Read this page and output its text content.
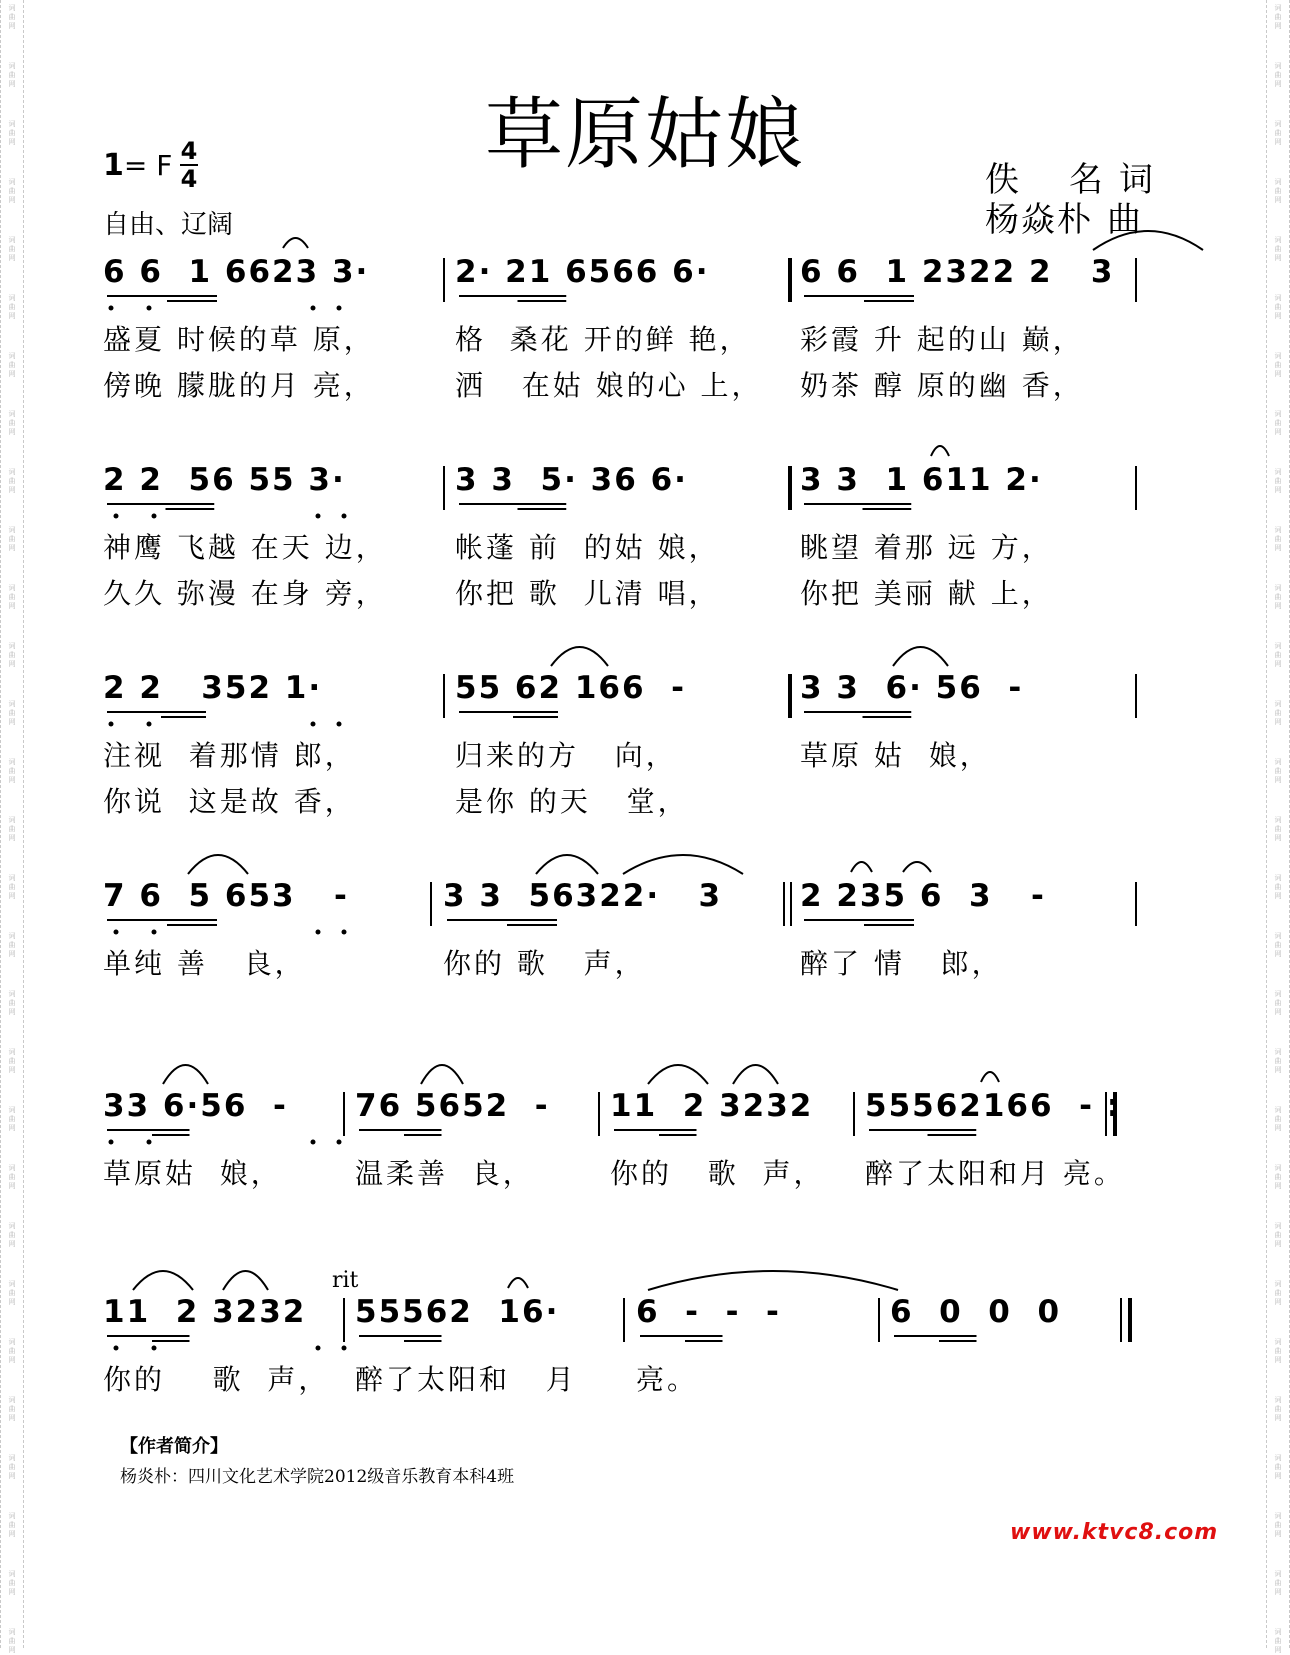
词
曲
网
词
曲
网
词
曲
网
词
曲
网
词
曲
网
词
曲
网
词
曲
网
词
曲
网
词
曲
网
词
曲
网
词
曲
网
词
曲
网
词
曲
网
词
曲
网
词
曲
网
词
曲
网
词
曲
网
词
曲
网
词
曲
网
词
曲
网
词
曲
网
词
曲
网
词
曲
网
词
曲
网
词
曲
网
词
曲
网
词
曲
网
词
曲
网
词
曲
网
词
曲
网
词
曲
网
词
曲
网
词
曲
网
词
曲
网
词
曲
网
词
曲
网
词
曲
网
词
曲
网
词
曲
网
词
曲
网
词
曲
网
词
曲
网
词
曲
网
词
曲
网
词
曲
网
词
曲
网
词
曲
网
词
曲
网
词
曲
网
词
曲
网
词
曲
网
词
曲
网
词
曲
网
词
曲
网
词
曲
网
词
曲
网
词
曲
网
词
曲
网
草原姑娘
1= F 4
4
自由、辽阔
佚 名 词
杨焱朴 曲
6 6  1 6623 3·	2· 21 6566 6·	6 6  1 2322 2   3
2 2  56 55 3·	3 3  5· 36 6·	3 3  1 611 2·
2 2   352 1·	55 62 166  -	3 3  6· 56  -
7 6  5 653   -	3 3  56322·   3	2 235 6  3   -
33 6·56  - 76 5652  - 11  2 3232 55562166  - :
11  2 3232 55562  16· 6  -  -  -	6  0  0  0
rit
【作者简介】
杨炎朴：四川文化艺术学院2012级音乐教育本科4班
www.ktvc8.com
盛夏 时候的草 原，	格  桑花 开的鲜 艳， 彩霞 升 起的山 巅，
傍晚 朦胧的月 亮，	洒   在姑 娘的心 上， 奶茶 醇 原的幽 香，
神鹰 飞越 在天 边， 帐蓬 前  的姑 娘，	眺望 着那 远 方，
久久 弥漫 在身 旁， 你把 歌  儿清 唱，	你把 美丽 献 上，
注视  着那情 郎，	归来的方   向，	草原 姑  娘，
你说  这是故 香，	是你 的天   堂，
单纯 善   良，	你的 歌   声，	醉了 情   郎，
草原姑  娘，	温柔善  良，	你的   歌  声， 醉了太阳和月 亮。
你的    歌  声， 醉了太阳和   月 亮。
